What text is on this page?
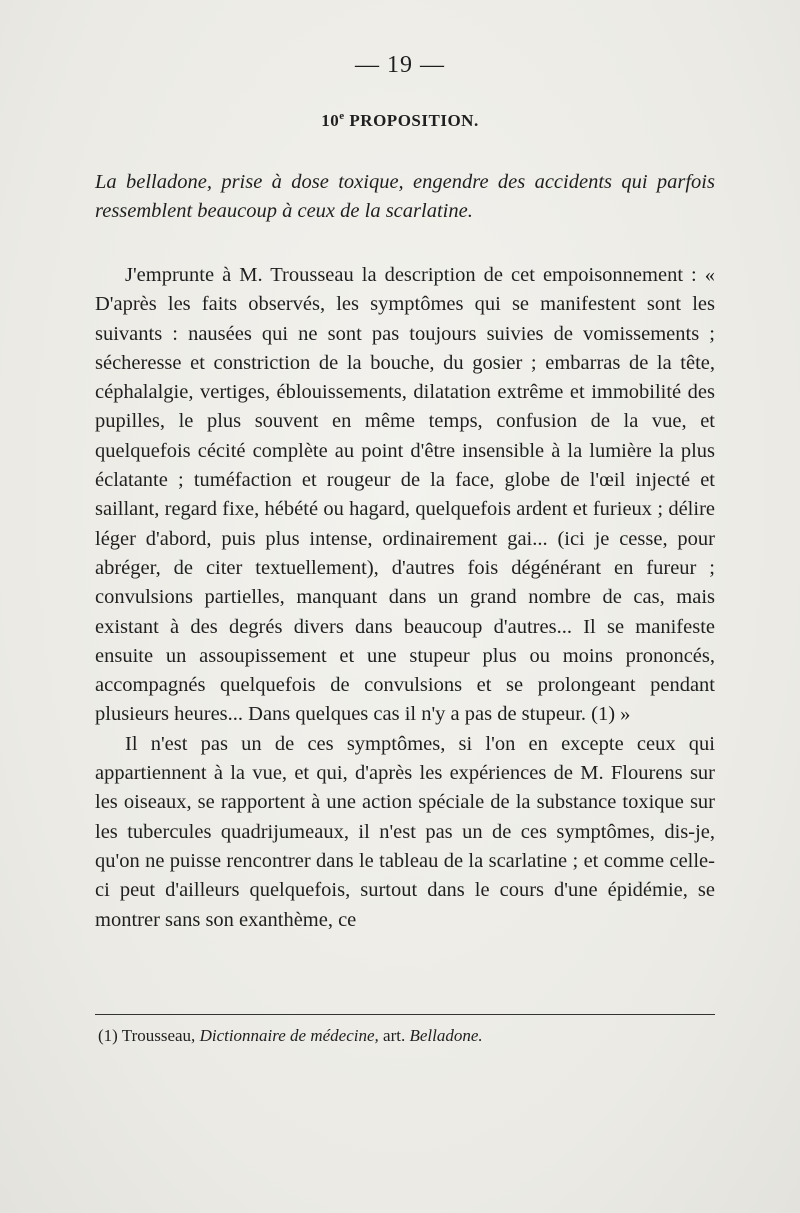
— 19 —
10e PROPOSITION.
La belladone, prise à dose toxique, engendre des accidents qui parfois ressemblent beaucoup à ceux de la scarlatine.

J'emprunte à M. Trousseau la description de cet empoisonnement : « D'après les faits observés, les symptômes qui se manifestent sont les suivants : nausées qui ne sont pas toujours suivies de vomissements ; sécheresse et constriction de la bouche, du gosier ; embarras de la tête, céphalalgie, vertiges, éblouissements, dilatation extrême et immobilité des pupilles, le plus souvent en même temps, confusion de la vue, et quelquefois cécité complète au point d'être insensible à la lumière la plus éclatante ; tuméfaction et rougeur de la face, globe de l'œil injecté et saillant, regard fixe, hébété ou hagard, quelquefois ardent et furieux ; délire léger d'abord, puis plus intense, ordinairement gai... (ici je cesse, pour abréger, de citer textuellement), d'autres fois dégénérant en fureur ; convulsions partielles, manquant dans un grand nombre de cas, mais existant à des degrés divers dans beaucoup d'autres... Il se manifeste ensuite un assoupissement et une stupeur plus ou moins prononcés, accompagnés quelquefois de convulsions et se prolongeant pendant plusieurs heures... Dans quelques cas il n'y a pas de stupeur. (1) »

Il n'est pas un de ces symptômes, si l'on en excepte ceux qui appartiennent à la vue, et qui, d'après les expériences de M. Flourens sur les oiseaux, se rapportent à une action spéciale de la substance toxique sur les tubercules quadrijumeaux, il n'est pas un de ces symptômes, dis-je, qu'on ne puisse rencontrer dans le tableau de la scarlatine ; et comme celle-ci peut d'ailleurs quelquefois, surtout dans le cours d'une épidémie, se montrer sans son exanthème, ce

(1) Trousseau, Dictionnaire de médecine, art. Belladone.
